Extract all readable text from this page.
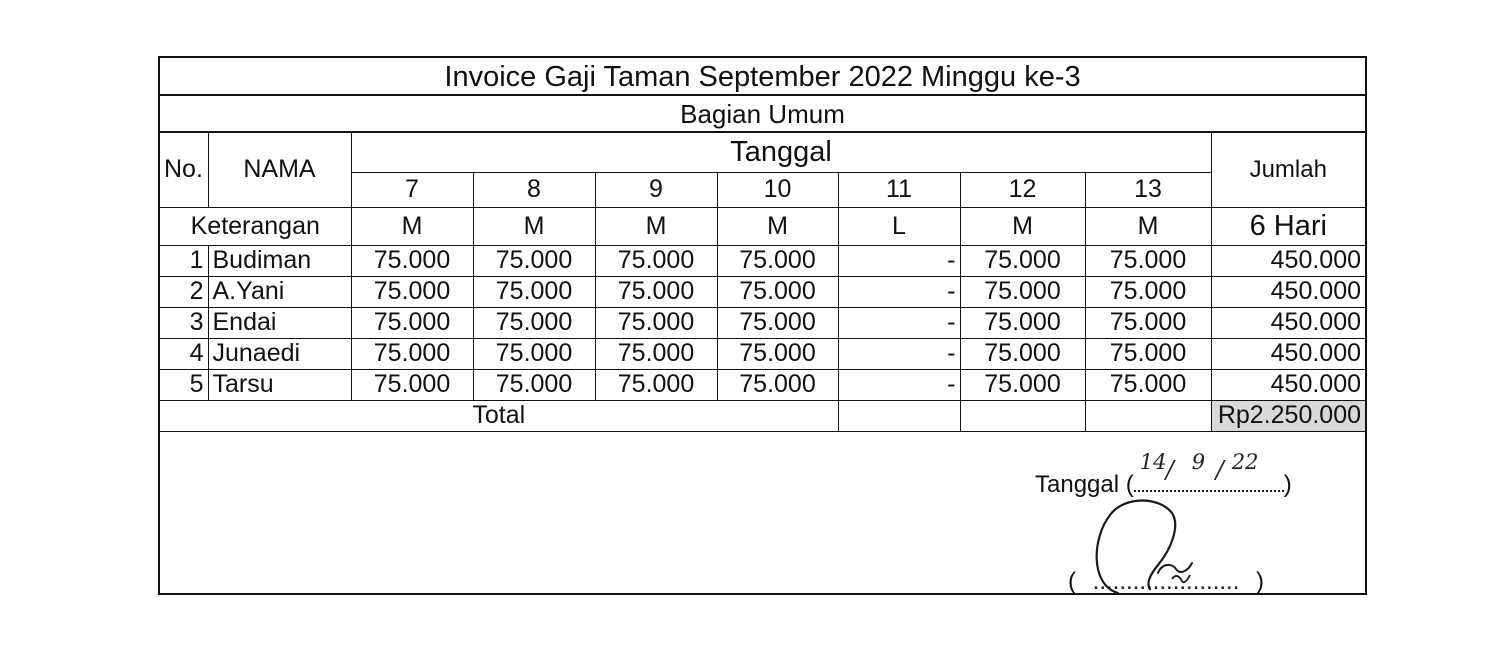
Invoice Gaji Taman September 2022 Minggu ke-3
Bagian Umum
No.	NAMA	Tanggal							Jumlah
		7	8	9	10	11	12	13	
Keterangan		M	M	M	M	L	M	M	6 Hari
1	Budiman	75.000	75.000	75.000	75.000	-	75.000	75.000	450.000
2	A.Yani	75.000	75.000	75.000	75.000	-	75.000	75.000	450.000
3	Endai	75.000	75.000	75.000	75.000	-	75.000	75.000	450.000
4	Junaedi	75.000	75.000	75.000	75.000	-	75.000	75.000	450.000
5	Tarsu	75.000	75.000	75.000	75.000	-	75.000	75.000	450.000
Total									Rp2.250.000
Tanggal (
14 / 9 / 22
)
( ...................... )
